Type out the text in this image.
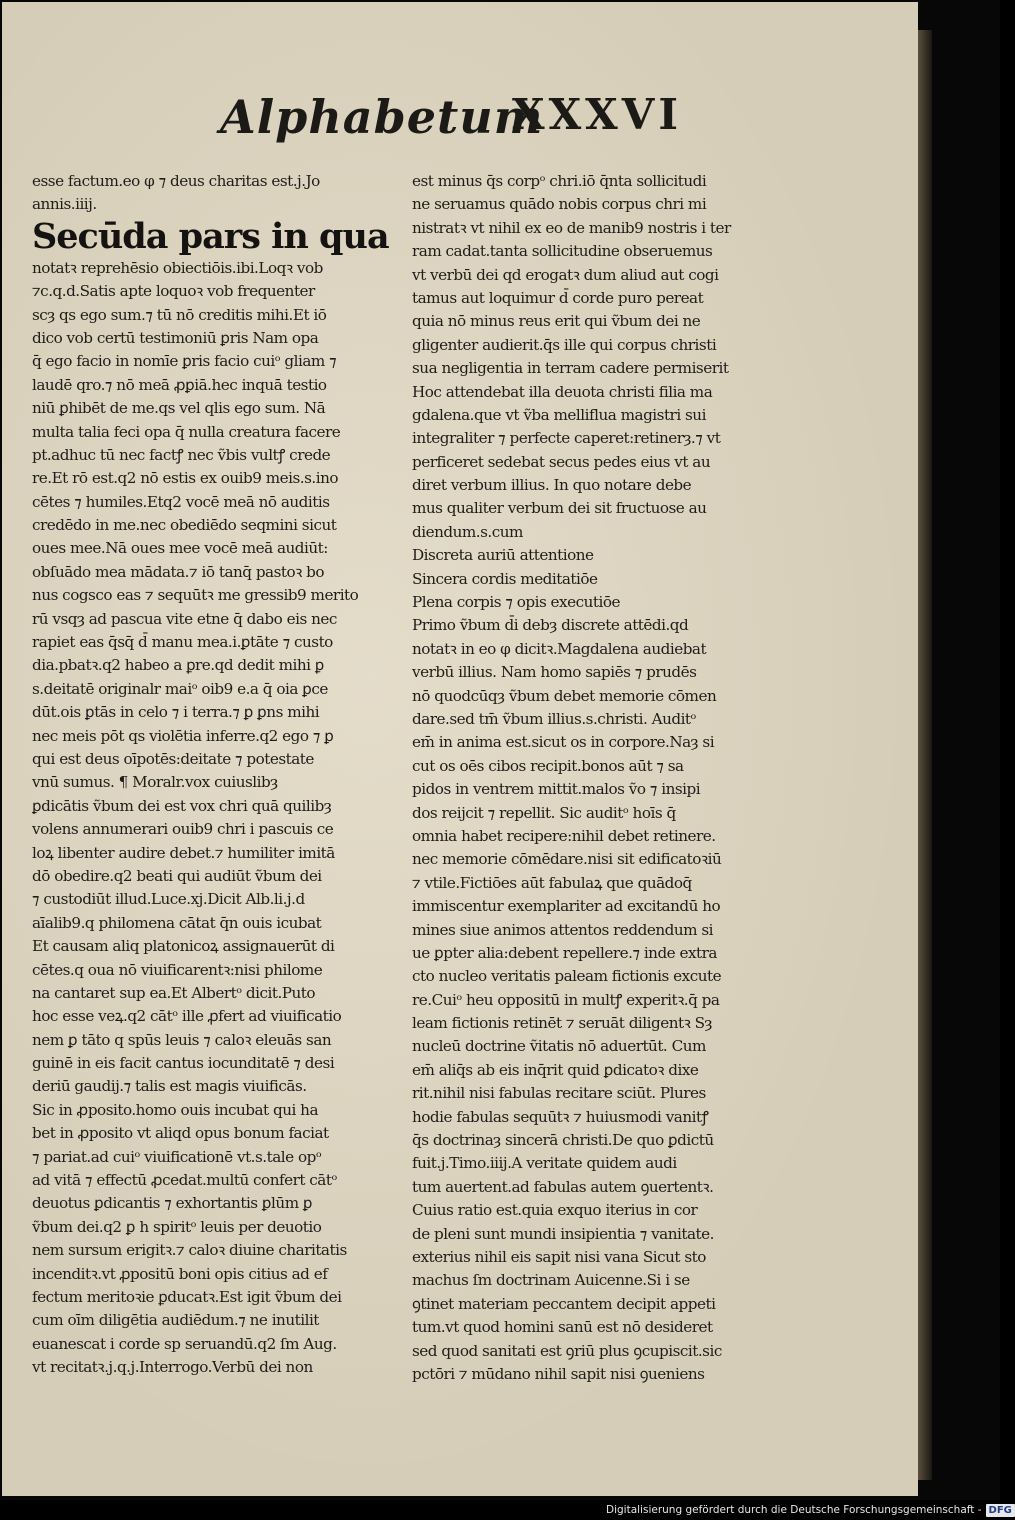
Alphabetum
XXXVI
esse factum.eo φ ⁊ deus charitas est.j.Jo
annis.iiij.
Secūda pars in qua
notatꝛ reprehēsio obiectiōis.ibi.Loqꝛ vob
⁊c.q.d.Satis apte loquoꝛ vob frequenter
scȝ qs ego sum.⁊ tū nō creditis mihi.Et iō
dico vob certū testimoniū ꝑris Nam opa
q̄ ego facio in nomīe ꝑris facio cuiᵒ gliam ⁊
laudē qro.⁊ nō meā ꝓꝑiā.hec inquā testio
niū ꝑhibēt de me.qs vel qlis ego sum. Nā
multa talia feci opa q̄ nulla creatura facere
pt.adhuc tū nec factꝭ nec ṽbis vultꝭ crede
re.Et rō est.q2 nō estis ex ouib9 meis.s.ino
cētes ⁊ humiles.Etq2 vocē meā nō auditis
credēdo in me.nec obediēdo seqmini sicut
oues mee.Nā oues mee vocē meā audiūt:
obſuādo mea mādata.⁊ iō tanq̄ pastoꝛ bo
nus cogsco eas ⁊ sequūtꝛ me gressib9 merito
rū vsqȝ ad pascua vite etne q̄ dabo eis nec
rapiet eas q̄sq̄ d̄ manu mea.i.ꝑtāte ⁊ custo
dia.pbatꝛ.q2 habeo a ꝑre.qd dedit mihi ꝑ
s.deitatē originalr maiᵒ oib9 e.a q̄ oia ꝑce
dūt.ois ꝑtās in celo ⁊ i terra.⁊ ꝑ ꝑns mihi
nec meis pōt qs violētia inferre.q2 ego ⁊ ꝑ
qui est deus oīpotēs:deitate ⁊ potestate
vnū sumus. ¶ Moralr.vox cuiuslibȝ
ꝑdicātis ṽbum dei est vox chri quā quilibȝ
volens annumerari ouib9 chri i pascuis ce
loꝝ libenter audire debet.⁊ humiliter imitā
dō obedire.q2 beati qui audiūt ṽbum dei
⁊ custodiūt illud.Luce.xj.Dicit Alb.li.j.d
aīalib9.q philomena cātat q̄n ouis icubat
Et causam aliq platonicoꝝ assignauerūt di
cētes.q oua nō viuificarentꝛ:nisi philome
na cantaret sup ea.Et Albertᵒ dicit.Puto
hoc esse veꝝ.q2 cātᵒ ille ꝓfert ad viuificatio
nem ꝑ tāto q spūs leuis ⁊ caloꝛ eleuās san
guinē in eis facit cantus iocunditatē ⁊ desi
deriū gaudij.⁊ talis est magis viuificās.
Sic in ꝓposito.homo ouis incubat qui ha
bet in ꝓposito vt aliqd opus bonum faciat
⁊ pariat.ad cuiᵒ viuificationē vt.s.tale opᵒ
ad vitā ⁊ effectū ꝓcedat.multū confert cātᵒ
deuotus ꝑdicantis ⁊ exhortantis ꝑlūm ꝑ
ṽbum dei.q2 ꝑ h spiritᵒ leuis per deuotio
nem sursum erigitꝛ.⁊ caloꝛ diuine charitatis
incenditꝛ.vt ꝓpositū boni opis citius ad ef
fectum meritoꝛie ꝑducatꝛ.Est igit ṽbum dei
cum oīm diligētia audiēdum.⁊ ne inutilit
euanescat i corde sp seruandū.q2 ſm Aug.
vt recitatꝛ.j.q.j.Interrogo.Verbū dei non
est minus q̄s corpᵒ chri.iō q̄nta sollicitudi
ne seruamus quādo nobis corpus chri mi
nistratꝛ vt nihil ex eo de manib9 nostris i ter
ram cadat.tanta sollicitudine obseruemus
vt verbū dei qd erogatꝛ dum aliud aut cogi
tamus aut loquimur d̄ corde puro pereat
quia nō minus reus erit qui ṽbum dei ne
gligenter audierit.q̄s ille qui corpus christi
sua negligentia in terram cadere permiserit
Hoc attendebat illa deuota christi filia ma
gdalena.que vt ṽba melliflua magistri sui
integraliter ⁊ perfecte caperet:retinerȝ.⁊ vt
perficeret sedebat secus pedes eius vt au
diret verbum illius. In quo notare debe
mus qualiter verbum dei sit fructuose au
diendum.s.cum
Discreta auriū attentione
Sincera cordis meditatiōe
Plena corpis ⁊ opis executiōe
Primo ṽbum d̄i debȝ discrete attēdi.qd
notatꝛ in eo φ dicitꝛ.Magdalena audiebat
verbū illius. Nam homo sapiēs ⁊ prudēs
nō quodcūqȝ ṽbum debet memorie cōmen
dare.sed tm̄ ṽbum illius.s.christi. Auditᵒ
em̄ in anima est.sicut os in corpore.Naȝ si
cut os oēs cibos recipit.bonos aūt ⁊ sa
pidos in ventrem mittit.malos ṽo ⁊ insipi
dos reijcit ⁊ repellit. Sic auditᵒ hoīs q̄
omnia habet recipere:nihil debet retinere.
nec memorie cōmēdare.nisi sit edificatoꝛiū
⁊ vtile.Fictiōes aūt fabulaꝝ que quādoq̄
immiscentur exemplariter ad excitandū ho
mines siue animos attentos reddendum si
ue ꝑpter alia:debent repellere.⁊ inde extra
cto nucleo veritatis paleam fictionis excute
re.Cuiᵒ heu oppositū in multꝭ experitꝛ.q̄ pa
leam fictionis retinēt ⁊ seruāt diligentꝛ Sȝ
nucleū doctrine ṽitatis nō aduertūt. Cum
em̄ aliq̄s ab eis inq̄rit quid ꝑdicatoꝛ dixe
rit.nihil nisi fabulas recitare sciūt. Plures
hodie fabulas sequūtꝛ ⁊ huiusmodi vanitꝭ
q̄s doctrinaȝ sincerā christi.De quo ꝑdictū
fuit.j.Timo.iiij.A veritate quidem audi
tum auertent.ad fabulas autem ꝯuertentꝛ.
Cuius ratio est.quia exquo iterius in cor
de pleni sunt mundi insipientia ⁊ vanitate.
exterius nihil eis sapit nisi vana Sicut sto
machus ſm doctrinam Auicenne.Si i se
ꝯtinet materiam peccantem decipit appeti
tum.vt quod homini sanū est nō desideret
sed quod sanitati est ꝯriū plus ꝯcupiscit.sic
pctōri ⁊ mūdano nihil sapit nisi ꝯueniens
Digitalisierung gefördert durch die Deutsche Forschungsgemeinschaft - DFG
